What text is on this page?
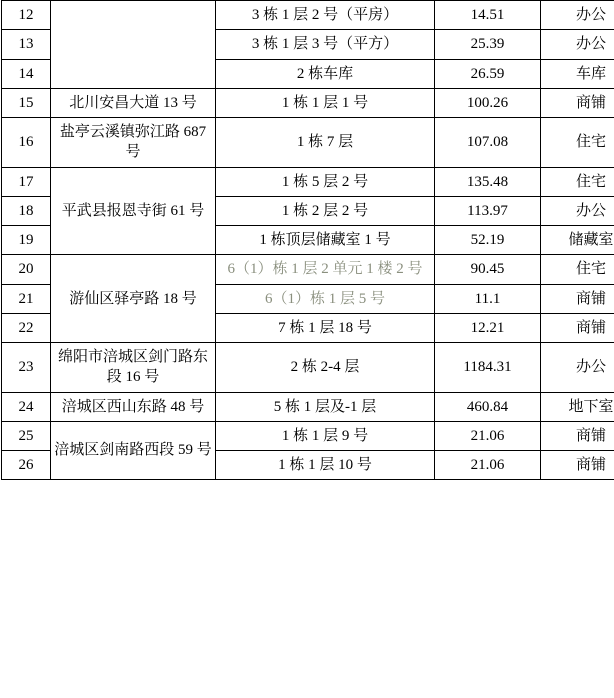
12		3 栋 1 层 2 号（平房）	14.51	办公
13		3 栋 1 层 3 号（平方）	25.39	办公
14		2 栋车库	26.59	车库
15	北川安昌大道 13 号	1 栋 1 层 1 号	100.26	商铺
16	盐亭云溪镇弥江路 687 号	1 栋 7 层	107.08	住宅
17	平武县报恩寺街 61 号	1 栋 5 层 2 号	135.48	住宅
18		1 栋 2 层 2 号	113.97	办公
19		1 栋顶层储藏室 1 号	52.19	储藏室
20	游仙区驿亭路 18 号	6（1）栋 1 层 2 单元 1 楼 2 号	90.45	住宅
21		6（1）栋 1 层 5 号	11.1	商铺
22		7 栋 1 层 18 号	12.21	商铺
23	绵阳市涪城区剑门路东段 16 号	2 栋 2-4 层	1184.31	办公
24	涪城区西山东路 48 号	5 栋 1 层及-1 层	460.84	地下室
25	涪城区剑南路西段 59 号	1 栋 1 层 9 号	21.06	商铺
26		1 栋 1 层 10 号	21.06	商铺
